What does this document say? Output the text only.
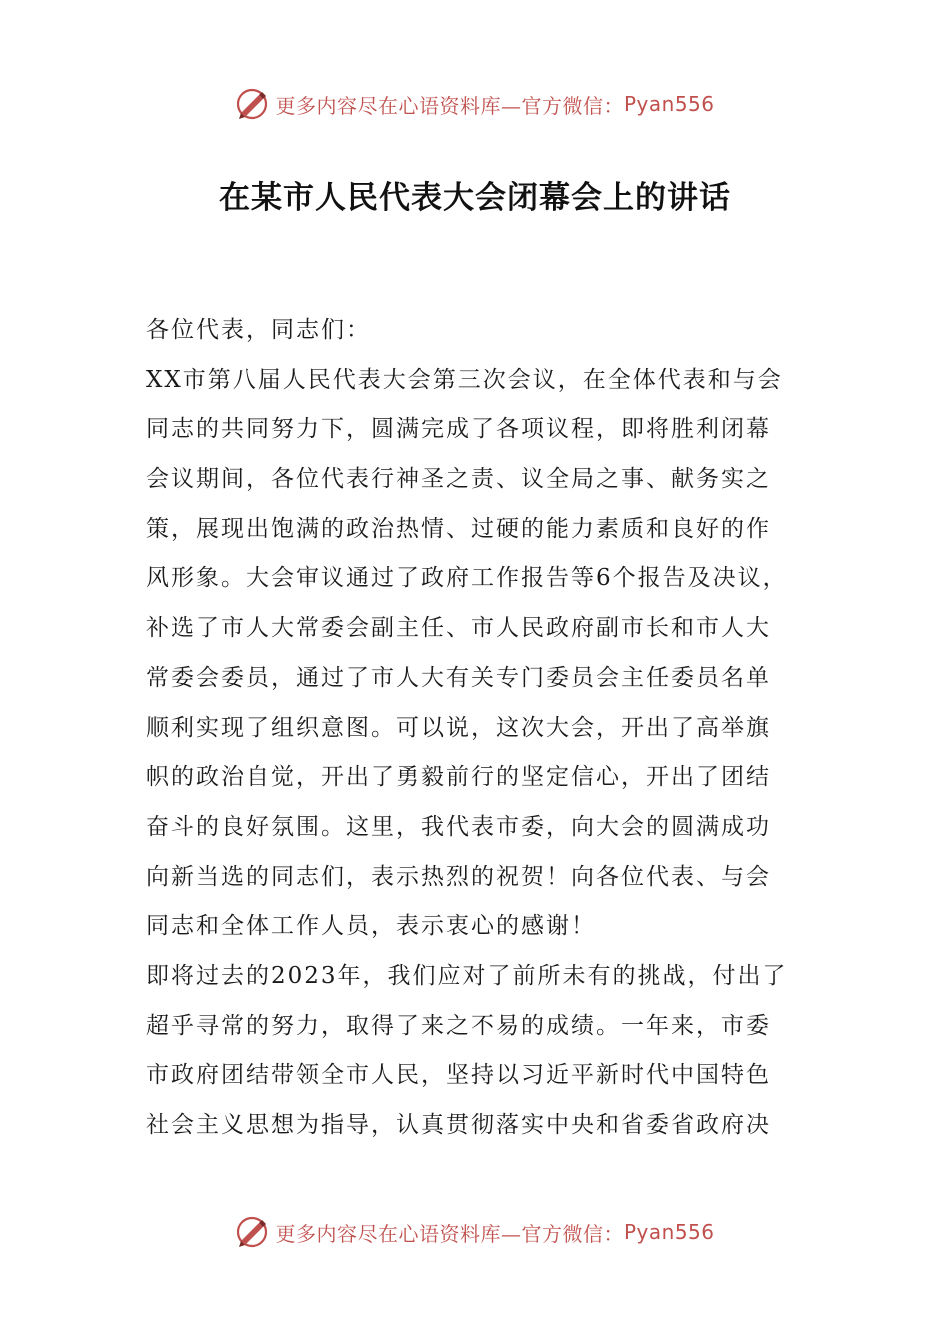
更多内容尽在心语资料库—官方微信： Pyan556
在某市人民代表大会闭幕会上的讲话
各位代表，同志们：
XX市第八届人民代表大会第三次会议，在全体代表和与会
同志的共同努力下，圆满完成了各项议程，即将胜利闭幕
会议期间，各位代表行神圣之责、议全局之事、献务实之
策，展现出饱满的政治热情、过硬的能力素质和良好的作
风形象。大会审议通过了政府工作报告等6个报告及决议，
补选了市人大常委会副主任、市人民政府副市长和市人大
常委会委员，通过了市人大有关专门委员会主任委员名单
顺利实现了组织意图。可以说，这次大会，开出了高举旗
帜的政治自觉，开出了勇毅前行的坚定信心，开出了团结
奋斗的良好氛围。这里，我代表市委，向大会的圆满成功
向新当选的同志们，表示热烈的祝贺！向各位代表、与会
同志和全体工作人员，表示衷心的感谢！
即将过去的2023年，我们应对了前所未有的挑战，付出了
超乎寻常的努力，取得了来之不易的成绩。一年来，市委
市政府团结带领全市人民，坚持以习近平新时代中国特色
社会主义思想为指导，认真贯彻落实中央和省委省政府决
更多内容尽在心语资料库—官方微信： Pyan556
